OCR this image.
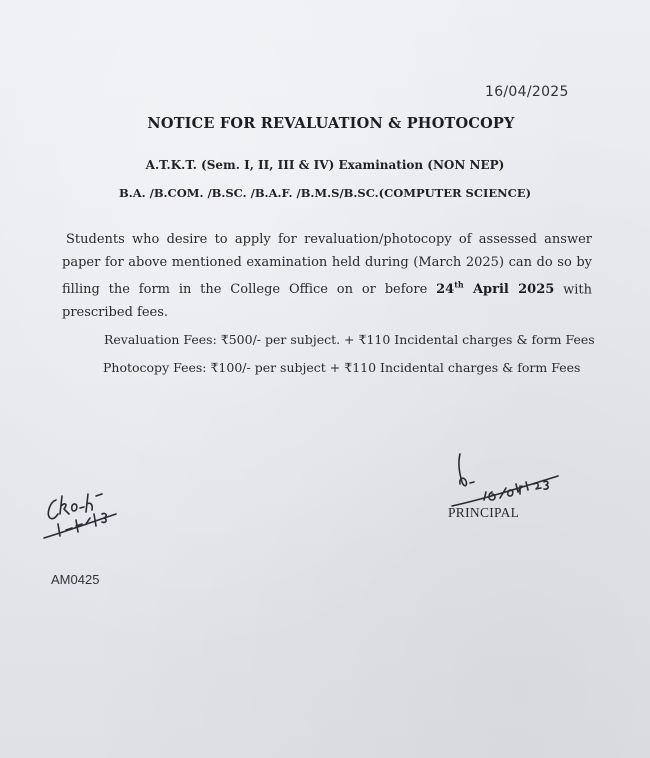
16/04/2025
NOTICE FOR REVALUATION & PHOTOCOPY
A.T.K.T. (Sem. I, II, III & IV) Examination (NON NEP)
B.A. /B.COM. /B.SC. /B.A.F. /B.M.S/B.SC.(COMPUTER SCIENCE)
Students who desire to apply for revaluation/photocopy of assessed answer paper for above mentioned examination held during (March 2025) can do so by filling the form in the College Office on or before 24th April 2025 with prescribed fees.
Revaluation Fees: ₹500/- per subject. + ₹110 Incidental charges & form Fees
Photocopy Fees: ₹100/- per subject + ₹110 Incidental charges & form Fees
PRINCIPAL
AM0425
